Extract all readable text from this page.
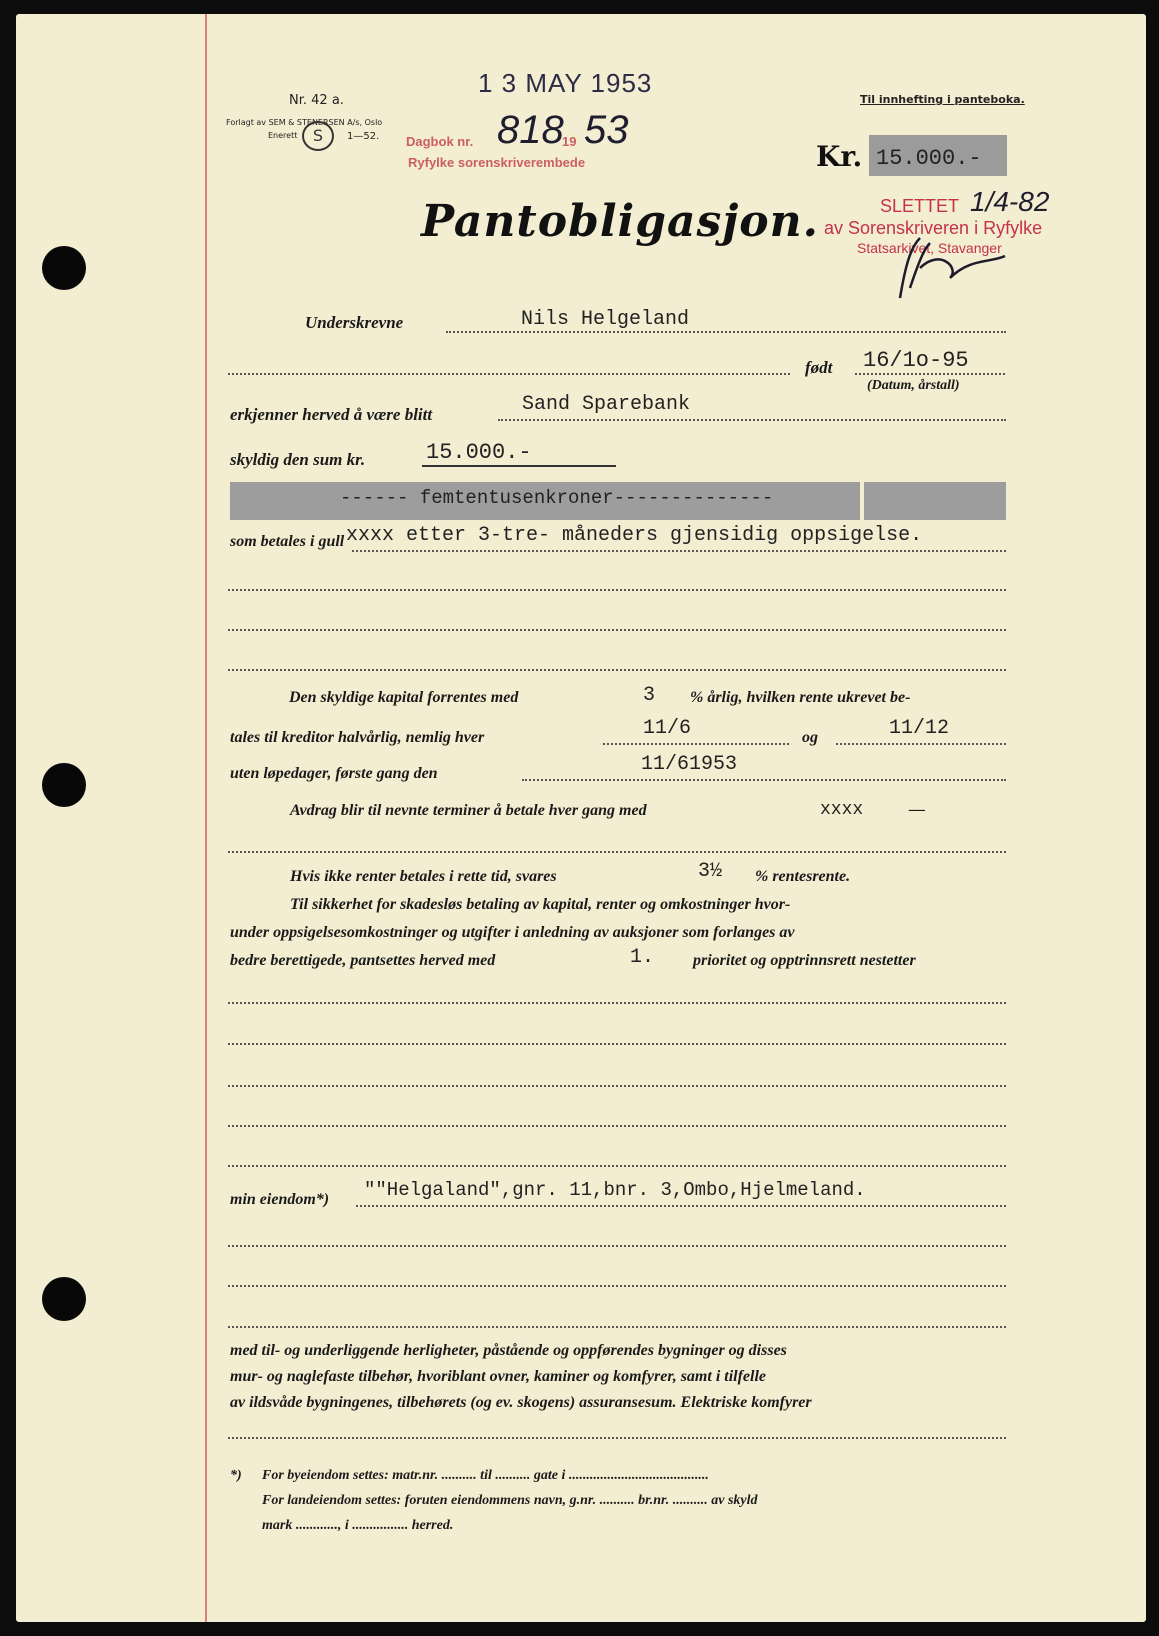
Nr. 42 a.
Forlagt av SEM & STENERSEN A/s, Oslo
Enerett S	1—52.
1 3 MAY 1953
Dagbok nr. 818
19 53
Ryfylke sorenskriverembede
Til innhefting i panteboka.
Kr. 15.000.-
Pantobligasjon.	SLETTET 1/4-82
av Sorenskriveren i Ryfylke
Statsarkivet, Stavanger
Underskrevne	Nils Helgeland
født 16/1o-95
(Datum, årstall)
erkjenner herved å være blitt	Sand Sparebank
skyldig den sum kr.	15.000.-
------ femtentusenkroner--------------
som betales i gull xxxx etter 3-tre- måneders gjensidig oppsigelse.
Den skyldige kapital forrentes med	3 % årlig, hvilken rente ukrevet be-
tales til kreditor halvårlig, nemlig hver	11/6	og	11/12
uten løpedager, første gang den	11/61953
Avdrag blir til nevnte terminer å betale hver gang med	xxxx	—
Hvis ikke renter betales i rette tid, svares	3½ % rentesrente.
Til sikkerhet for skadesløs betaling av kapital, renter og omkostninger hvor-
under oppsigelsesomkostninger og utgifter i anledning av auksjoner som forlanges av
bedre berettigede, pantsettes herved med	1. prioritet og opptrinnsrett nestetter
min eiendom*) ""Helgaland",gnr. 11,bnr. 3,Ombo,Hjelmeland.
med til- og underliggende herligheter, påstående og oppførendes bygninger og disses
mur- og naglefaste tilbehør, hvoriblant ovner, kaminer og komfyrer, samt i tilfelle
av ildsvåde bygningenes, tilbehørets (og ev. skogens) assuransesum. Elektriske komfyrer
*) For byeiendom settes: matr.nr. .......... til .......... gate i ........................................
For landeiendom settes: foruten eiendommens navn, g.nr. .......... br.nr. .......... av skyld
mark ............, i ................ herred.
